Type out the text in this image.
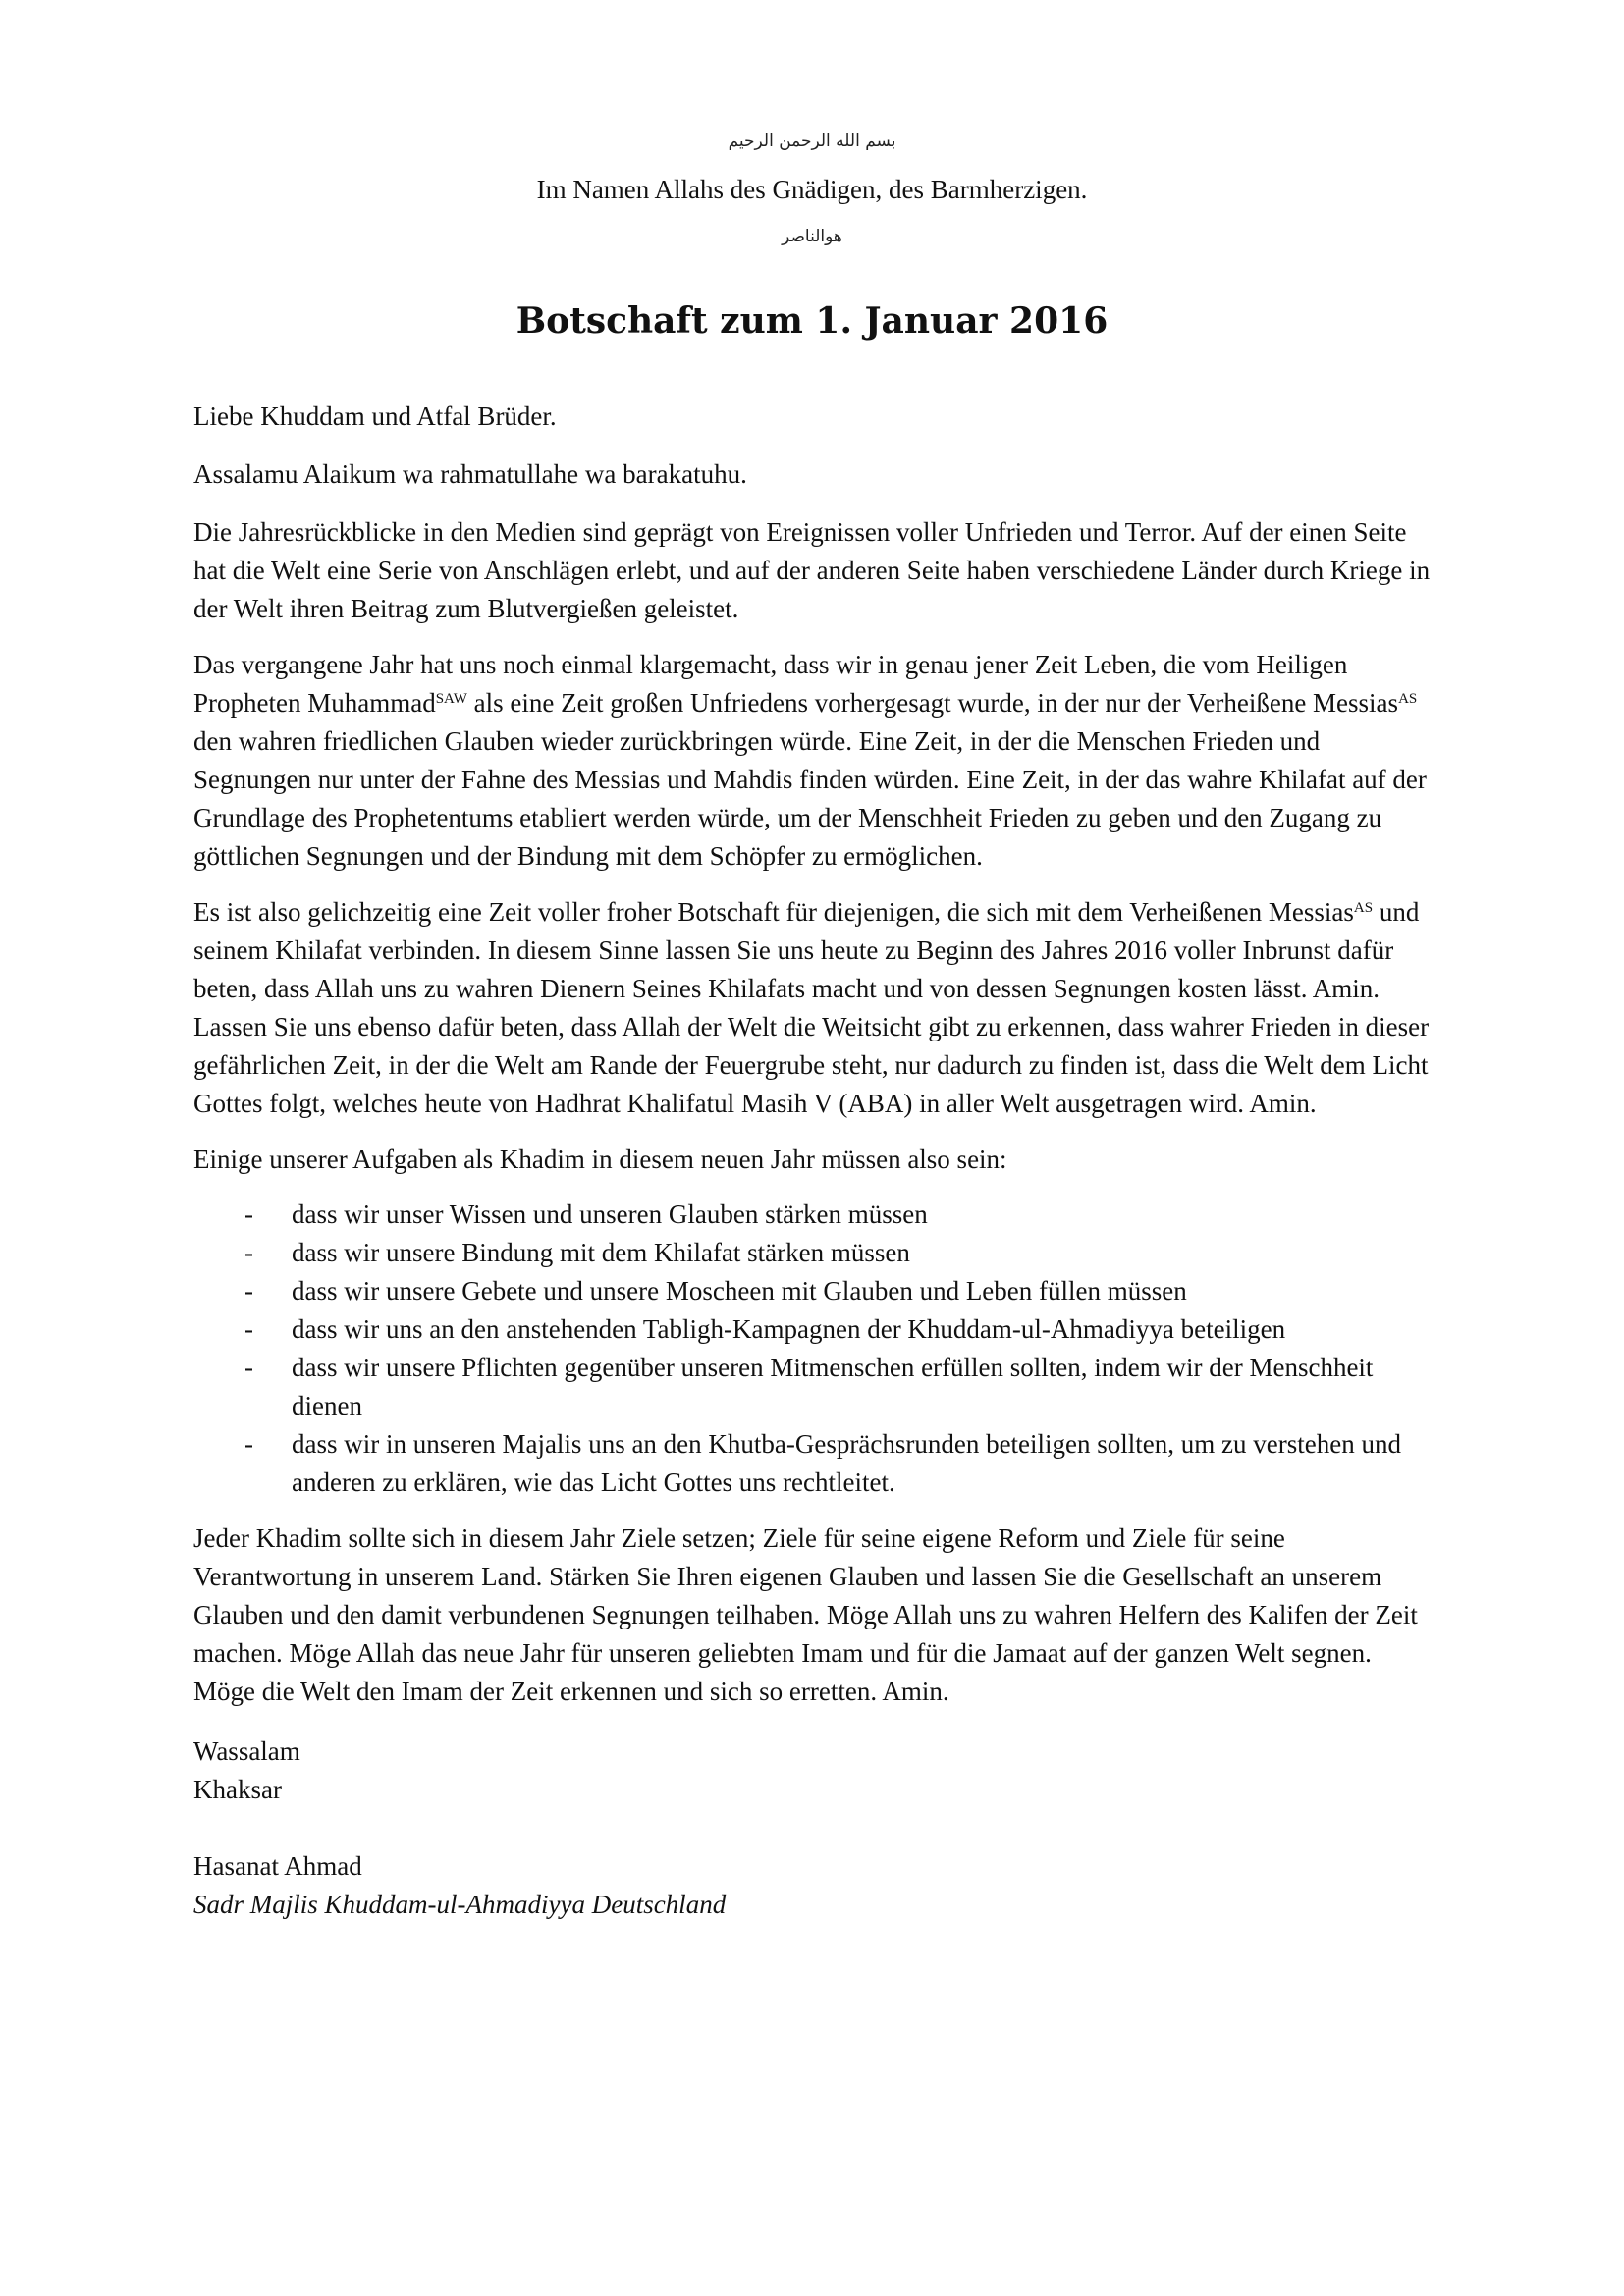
بسم الله الرحمن الرحيم
Im Namen Allahs des Gnädigen, des Barmherzigen.
هوالناصر
Botschaft zum 1. Januar 2016

Liebe Khuddam und Atfal Brüder.

Assalamu Alaikum wa rahmatullahe wa barakatuhu.

Die Jahresrückblicke in den Medien sind geprägt von Ereignissen voller Unfrieden und Terror. Auf der einen Seite hat die Welt eine Serie von Anschlägen erlebt, und auf der anderen Seite haben verschiedene Länder durch Kriege in der Welt ihren Beitrag zum Blutvergießen geleistet.

Das vergangene Jahr hat uns noch einmal klargemacht, dass wir in genau jener Zeit Leben, die vom Heiligen Propheten Muhammad$^{SAW}$ als eine Zeit großen Unfriedens vorhergesagt wurde, in der nur der Verheißene Messias$^{AS}$ den wahren friedlichen Glauben wieder zurückbringen würde. Eine Zeit, in der die Menschen Frieden und Segnungen nur unter der Fahne des Messias und Mahdis finden würden. Eine Zeit, in der das wahre Khilafat auf der Grundlage des Prophetentums etabliert werden würde, um der Menschheit Frieden zu geben und den Zugang zu göttlichen Segnungen und der Bindung mit dem Schöpfer zu ermöglichen.

Es ist also gelichzeitig eine Zeit voller froher Botschaft für diejenigen, die sich mit dem Verheißenen Messias$^{AS}$ und seinem Khilafat verbinden. In diesem Sinne lassen Sie uns heute zu Beginn des Jahres 2016 voller Inbrunst dafür beten, dass Allah uns zu wahren Dienern Seines Khilafats macht und von dessen Segnungen kosten lässt. Amin. Lassen Sie uns ebenso dafür beten, dass Allah der Welt die Weitsicht gibt zu erkennen, dass wahrer Frieden in dieser gefährlichen Zeit, in der die Welt am Rande der Feuergrube steht, nur dadurch zu finden ist, dass die Welt dem Licht Gottes folgt, welches heute von Hadhrat Khalifatul Masih V (ABA) in aller Welt ausgetragen wird. Amin.

Einige unserer Aufgaben als Khadim in diesem neuen Jahr müssen also sein:

- dass wir unser Wissen und unseren Glauben stärken müssen
- dass wir unsere Bindung mit dem Khilafat stärken müssen
- dass wir unsere Gebete und unsere Moscheen mit Glauben und Leben füllen müssen
- dass wir uns an den anstehenden Tabligh-Kampagnen der Khuddam-ul-Ahmadiyya beteiligen
- dass wir unsere Pflichten gegenüber unseren Mitmenschen erfüllen sollten, indem wir der Menschheit dienen
- dass wir in unseren Majalis uns an den Khutba-Gesprächsrunden beteiligen sollten, um zu verstehen und anderen zu erklären, wie das Licht Gottes uns rechtleitet.

Jeder Khadim sollte sich in diesem Jahr Ziele setzen; Ziele für seine eigene Reform und Ziele für seine Verantwortung in unserem Land. Stärken Sie Ihren eigenen Glauben und lassen Sie die Gesellschaft an unserem Glauben und den damit verbundenen Segnungen teilhaben. Möge Allah uns zu wahren Helfern des Kalifen der Zeit machen. Möge Allah das neue Jahr für unseren geliebten Imam und für die Jamaat auf der ganzen Welt segnen. Möge die Welt den Imam der Zeit erkennen und sich so erretten. Amin.

Wassalam

Khaksar

Hasanat Ahmad

Sadr Majlis Khuddam-ul-Ahmadiyya Deutschland
